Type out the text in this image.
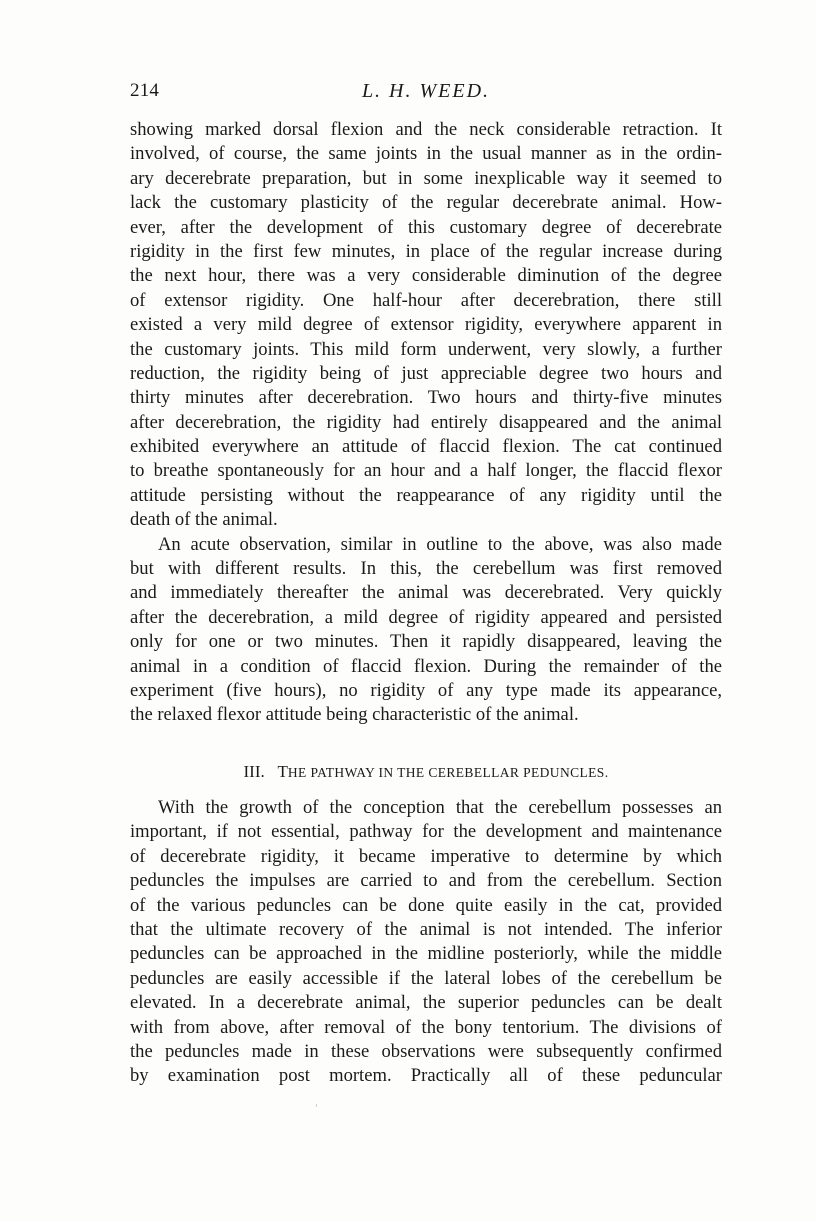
214	L. H. WEED.
showing marked dorsal flexion and the neck considerable retraction. It
involved, of course, the same joints in the usual manner as in the ordin-
ary decerebrate preparation, but in some inexplicable way it seemed to
lack the customary plasticity of the regular decerebrate animal. How-
ever, after the development of this customary degree of decerebrate
rigidity in the first few minutes, in place of the regular increase during
the next hour, there was a very considerable diminution of the degree
of extensor rigidity. One half-hour after decerebration, there still
existed a very mild degree of extensor rigidity, everywhere apparent in
the customary joints. This mild form underwent, very slowly, a further
reduction, the rigidity being of just appreciable degree two hours and
thirty minutes after decerebration. Two hours and thirty-five minutes
after decerebration, the rigidity had entirely disappeared and the animal
exhibited everywhere an attitude of flaccid flexion. The cat continued
to breathe spontaneously for an hour and a half longer, the flaccid flexor
attitude persisting without the reappearance of any rigidity until the
death of the animal.
An acute observation, similar in outline to the above, was also made
but with different results. In this, the cerebellum was first removed
and immediately thereafter the animal was decerebrated. Very quickly
after the decerebration, a mild degree of rigidity appeared and persisted
only for one or two minutes. Then it rapidly disappeared, leaving the
animal in a condition of flaccid flexion. During the remainder of the
experiment (five hours), no rigidity of any type made its appearance,
the relaxed flexor attitude being characteristic of the animal.
III. THE PATHWAY IN THE CEREBELLAR PEDUNCLES.
With the growth of the conception that the cerebellum possesses an
important, if not essential, pathway for the development and maintenance
of decerebrate rigidity, it became imperative to determine by which
peduncles the impulses are carried to and from the cerebellum. Section
of the various peduncles can be done quite easily in the cat, provided
that the ultimate recovery of the animal is not intended. The inferior
peduncles can be approached in the midline posteriorly, while the middle
peduncles are easily accessible if the lateral lobes of the cerebellum be
elevated. In a decerebrate animal, the superior peduncles can be dealt
with from above, after removal of the bony tentorium. The divisions of
the peduncles made in these observations were subsequently confirmed
by examination post mortem. Practically all of these peduncular
